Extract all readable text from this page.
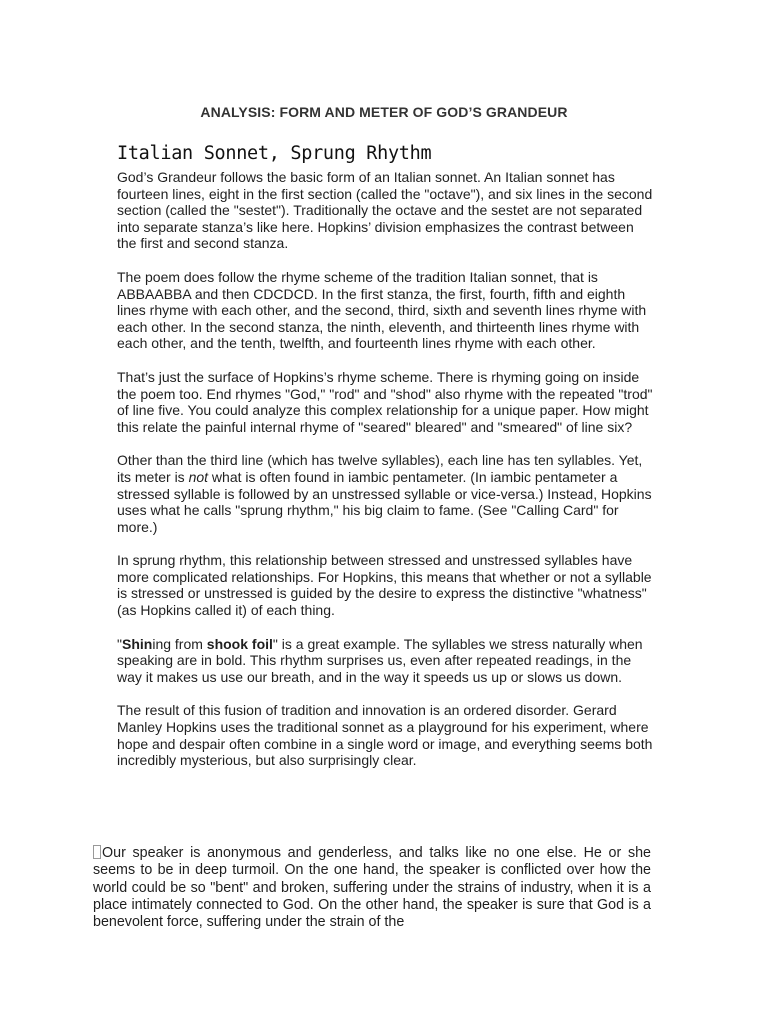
ANALYSIS: FORM AND METER OF GOD’S GRANDEUR
Italian Sonnet, Sprung Rhythm

God’s Grandeur follows the basic form of an Italian sonnet. An Italian sonnet has fourteen lines, eight in the first section (called the "octave"), and six lines in the second section (called the "sestet"). Traditionally the octave and the sestet are not separated into separate stanza’s like here. Hopkins’ division emphasizes the contrast between the first and second stanza.

The poem does follow the rhyme scheme of the tradition Italian sonnet, that is ABBAABBA and then CDCDCD. In the first stanza, the first, fourth, fifth and eighth lines rhyme with each other, and the second, third, sixth and seventh lines rhyme with each other. In the second stanza, the ninth, eleventh, and thirteenth lines rhyme with each other, and the tenth, twelfth, and fourteenth lines rhyme with each other.

That’s just the surface of Hopkins’s rhyme scheme. There is rhyming going on inside the poem too. End rhymes "God," "rod" and "shod" also rhyme with the repeated "trod" of line five. You could analyze this complex relationship for a unique paper. How might this relate the painful internal rhyme of "seared" bleared" and "smeared" of line six?

Other than the third line (which has twelve syllables), each line has ten syllables. Yet, its meter is not what is often found in iambic pentameter. (In iambic pentameter a stressed syllable is followed by an unstressed syllable or vice-versa.) Instead, Hopkins uses what he calls "sprung rhythm," his big claim to fame. (See "Calling Card" for more.)

In sprung rhythm, this relationship between stressed and unstressed syllables have more complicated relationships. For Hopkins, this means that whether or not a syllable is stressed or unstressed is guided by the desire to express the distinctive "whatness" (as Hopkins called it) of each thing.

"Shining from shook foil" is a great example. The syllables we stress naturally when speaking are in bold. This rhythm surprises us, even after repeated readings, in the way it makes us use our breath, and in the way it speeds us up or slows us down.

The result of this fusion of tradition and innovation is an ordered disorder. Gerard Manley Hopkins uses the traditional sonnet as a playground for his experiment, where hope and despair often combine in a single word or image, and everything seems both incredibly mysterious, but also surprisingly clear.

Our speaker is anonymous and genderless, and talks like no one else. He or she seems to be in deep turmoil. On the one hand, the speaker is conflicted over how the world could be so "bent" and broken, suffering under the strains of industry, when it is a place intimately connected to God. On the other hand, the speaker is sure that God is a benevolent force, suffering under the strain of the
